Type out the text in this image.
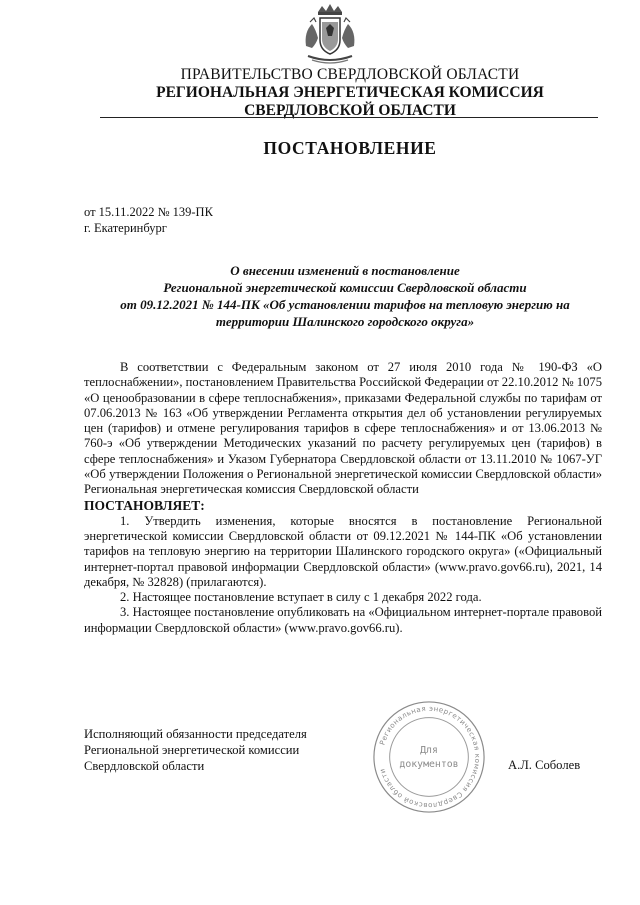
ПРАВИТЕЛЬСТВО СВЕРДЛОВСКОЙ ОБЛАСТИ
РЕГИОНАЛЬНАЯ ЭНЕРГЕТИЧЕСКАЯ КОМИССИЯ
СВЕРДЛОВСКОЙ ОБЛАСТИ
ПОСТАНОВЛЕНИЕ
от 15.11.2022 № 139-ПК
г. Екатеринбург
О внесении изменений в постановление
Региональной энергетической комиссии Свердловской области
от 09.12.2021 № 144-ПК «Об установлении тарифов на тепловую энергию на
территории Шалинского городского округа»

В соответствии с Федеральным законом от 27 июля 2010 года № 190-ФЗ «О теплоснабжении», постановлением Правительства Российской Федерации от 22.10.2012 № 1075 «О ценообразовании в сфере теплоснабжения», приказами Федеральной службы по тарифам от 07.06.2013 № 163 «Об утверждении Регламента открытия дел об установлении регулируемых цен (тарифов) и отмене регулирования тарифов в сфере теплоснабжения» и от 13.06.2013 № 760-э «Об утверждении Методических указаний по расчету регулируемых цен (тарифов) в сфере теплоснабжения» и Указом Губернатора Свердловской области от 13.11.2010 № 1067-УГ «Об утверждении Положения о Региональной энергетической комиссии Свердловской области» Региональная энергетическая комиссия Свердловской области

ПОСТАНОВЛЯЕТ:

1. Утвердить изменения, которые вносятся в постановление Региональной энергетической комиссии Свердловской области от 09.12.2021 № 144-ПК «Об установлении тарифов на тепловую энергию на территории Шалинского городского округа» («Официальный интернет-портал правовой информации Свердловской области» (www.pravo.gov66.ru), 2021, 14 декабря, № 32828) (прилагаются).

2. Настоящее постановление вступает в силу с 1 декабря 2022 года.

3. Настоящее постановление опубликовать на «Официальном интернет-портале правовой информации Свердловской области» (www.pravo.gov66.ru).

Исполняющий обязанности председателя
Региональной энергетической комиссии
Свердловской области
Региональная энергетическая комиссия Свердловской области
Для
документов	А.Л. Соболев
